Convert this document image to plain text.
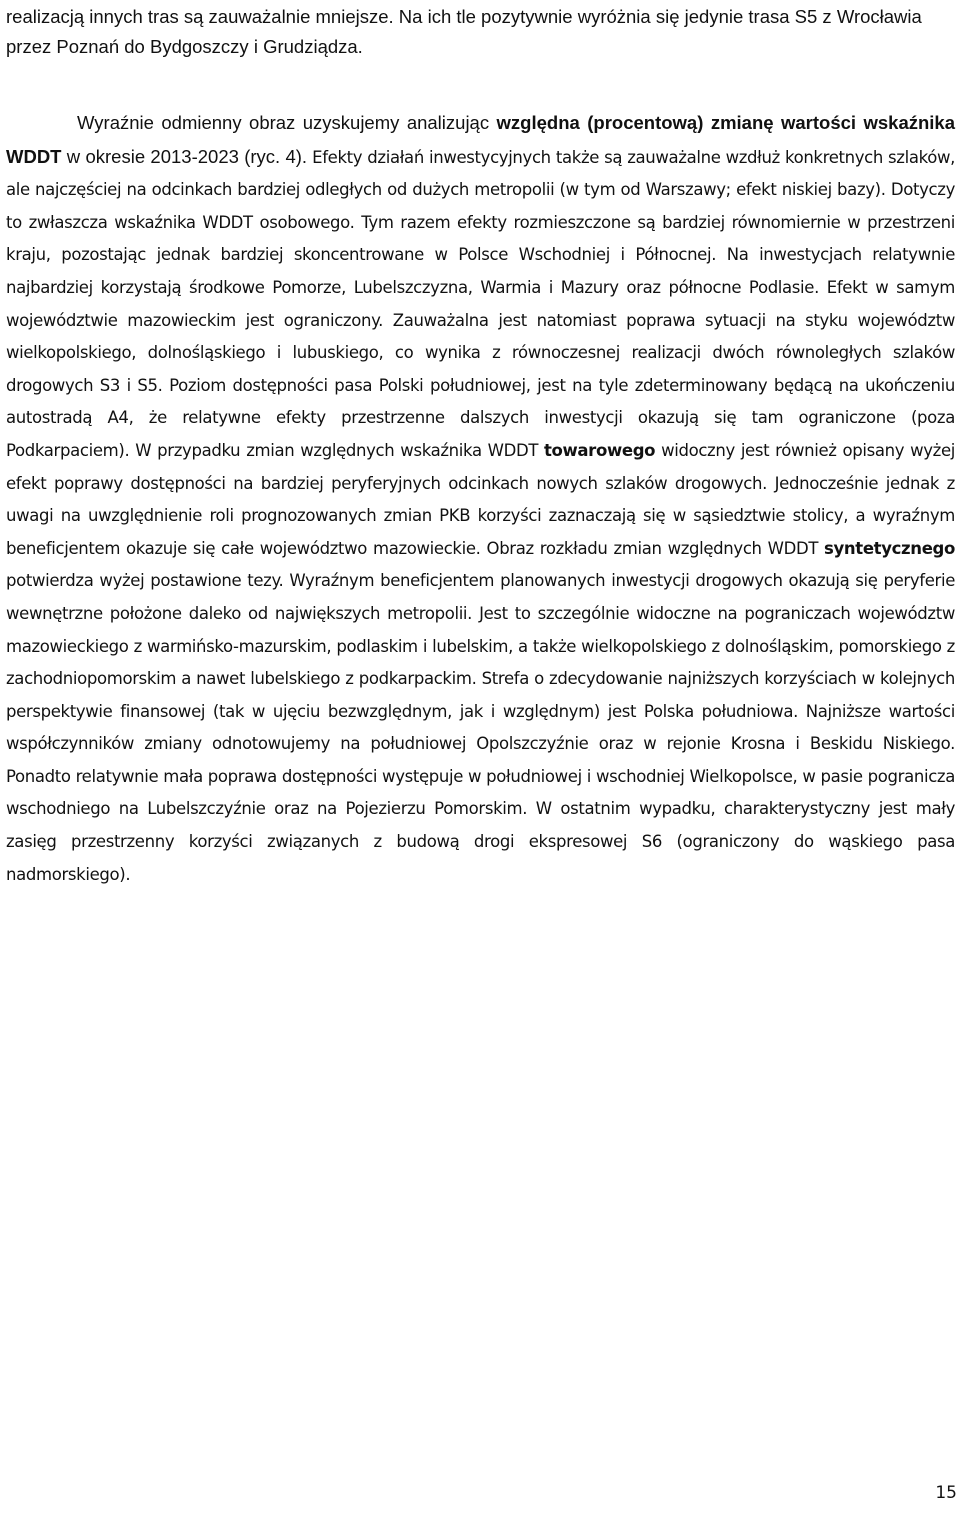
realizacją innych tras są zauważalnie mniejsze. Na ich tle pozytywnie wyróżnia się jedynie trasa S5 z Wrocławia przez Poznań do Bydgoszczy i Grudziądza.

Wyraźnie odmienny obraz uzyskujemy analizując względna (procentową) zmianę wartości wskaźnika WDDT w okresie 2013-2023 (ryc. 4). Efekty działań inwestycyjnych także są zauważalne wzdłuż konkretnych szlaków, ale najczęściej na odcinkach bardziej odległych od dużych metropolii (w tym od Warszawy; efekt niskiej bazy). Dotyczy to zwłaszcza wskaźnika WDDT osobowego. Tym razem efekty rozmieszczone są bardziej równomiernie w przestrzeni kraju, pozostając jednak bardziej skoncentrowane w Polsce Wschodniej i Północnej. Na inwestycjach relatywnie najbardziej korzystają środkowe Pomorze, Lubelszczyzna, Warmia i Mazury oraz północne Podlasie. Efekt w samym województwie mazowieckim jest ograniczony. Zauważalna jest natomiast poprawa sytuacji na styku województw wielkopolskiego, dolnośląskiego i lubuskiego, co wynika z równoczesnej realizacji dwóch równoległych szlaków drogowych S3 i S5. Poziom dostępności pasa Polski południowej, jest na tyle zdeterminowany będącą na ukończeniu autostradą A4, że relatywne efekty przestrzenne dalszych inwestycji okazują się tam ograniczone (poza Podkarpaciem). W przypadku zmian względnych wskaźnika WDDT towarowego widoczny jest również opisany wyżej efekt poprawy dostępności na bardziej peryferyjnych odcinkach nowych szlaków drogowych. Jednocześnie jednak z uwagi na uwzględnienie roli prognozowanych zmian PKB korzyści zaznaczają się w sąsiedztwie stolicy, a wyraźnym beneficjentem okazuje się całe województwo mazowieckie. Obraz rozkładu zmian względnych WDDT syntetycznego potwierdza wyżej postawione tezy. Wyraźnym beneficjentem planowanych inwestycji drogowych okazują się peryferie wewnętrzne położone daleko od największych metropolii. Jest to szczególnie widoczne na pograniczach województw mazowieckiego z warmińsko-mazurskim, podlaskim i lubelskim, a także wielkopolskiego z dolnośląskim, pomorskiego z zachodniopomorskim a nawet lubelskiego z podkarpackim. Strefa o zdecydowanie najniższych korzyściach w kolejnych perspektywie finansowej (tak w ujęciu bezwzględnym, jak i względnym) jest Polska południowa. Najniższe wartości współczynników zmiany odnotowujemy na południowej Opolszczyźnie oraz w rejonie Krosna i Beskidu Niskiego. Ponadto relatywnie mała poprawa dostępności występuje w południowej i wschodniej Wielkopolsce, w pasie pogranicza wschodniego na Lubelszczyźnie oraz na Pojezierzu Pomorskim. W ostatnim wypadku, charakterystyczny jest mały zasięg przestrzenny korzyści związanych z budową drogi ekspresowej S6 (ograniczony do wąskiego pasa nadmorskiego).

15
